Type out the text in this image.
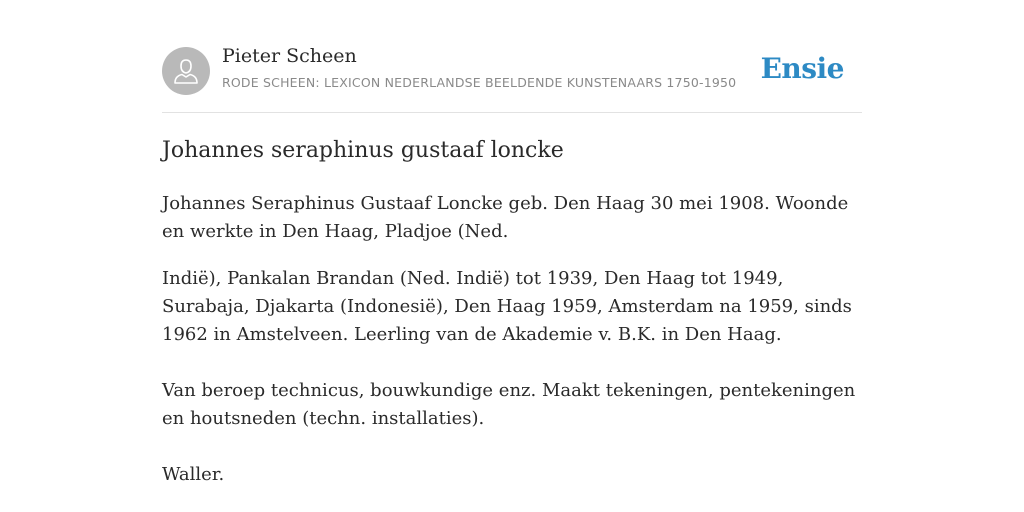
Pieter Scheen
RODE SCHEEN: LEXICON NEDERLANDSE BEELDENDE KUNSTENAARS 1750-1950 Ensie
Johannes seraphinus gustaaf loncke

Johannes Seraphinus Gustaaf Loncke geb. Den Haag 30 mei 1908. Woonde en werkte in Den Haag, Pladjoe (Ned.

Indië), Pankalan Brandan (Ned. Indië) tot 1939, Den Haag tot 1949, Surabaja, Djakarta (Indonesië), Den Haag 1959, Amsterdam na 1959, sinds 1962 in Amstelveen. Leerling van de Akademie v. B.K. in Den Haag.

Van beroep technicus, bouwkundige enz. Maakt tekeningen, pentekeningen en houtsneden (techn. installaties).

Waller.
